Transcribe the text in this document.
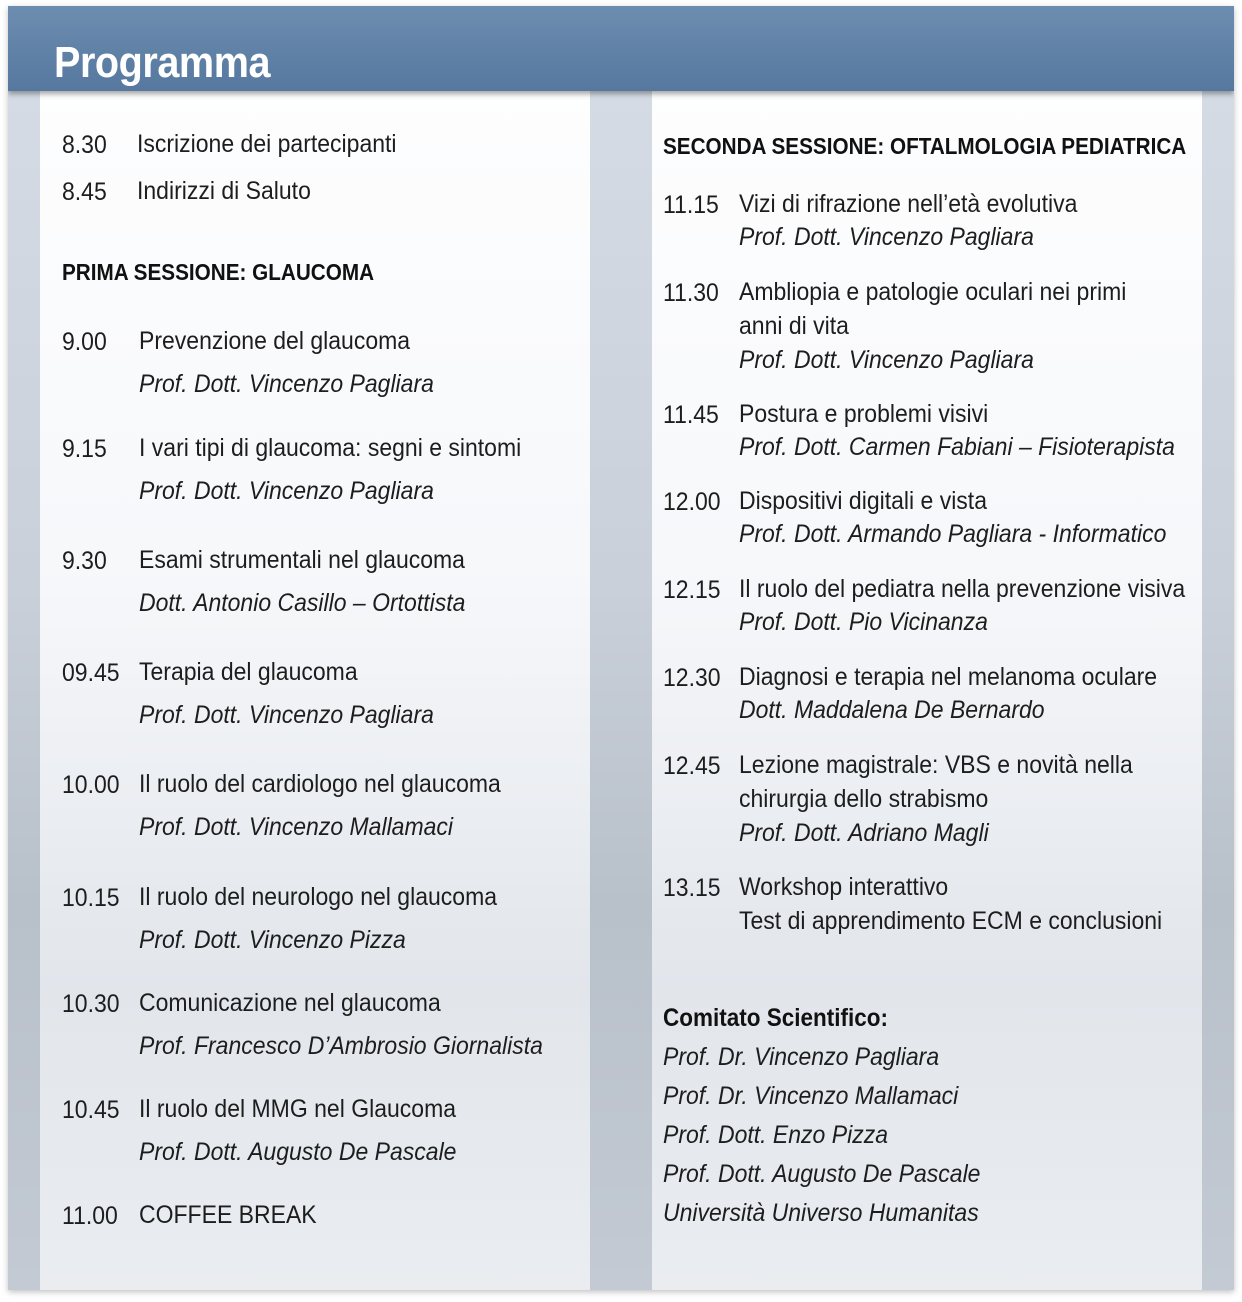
Programma
8.30 Iscrizione dei partecipanti
8.45 Indirizzi di Saluto
PRIMA SESSIONE: GLAUCOMA
9.00 Prevenzione del glaucoma
Prof. Dott. Vincenzo Pagliara
9.15 I vari tipi di glaucoma: segni e sintomi
Prof. Dott. Vincenzo Pagliara
9.30 Esami strumentali nel glaucoma
Dott. Antonio Casillo – Ortottista
09.45 Terapia del glaucoma
Prof. Dott. Vincenzo Pagliara
10.00 Il ruolo del cardiologo nel glaucoma
Prof. Dott. Vincenzo Mallamaci
10.15 Il ruolo del neurologo nel glaucoma
Prof. Dott. Vincenzo Pizza
10.30 Comunicazione nel glaucoma
Prof. Francesco D’Ambrosio Giornalista
10.45 Il ruolo del MMG nel Glaucoma
Prof. Dott. Augusto De Pascale
11.00 COFFEE BREAK
SECONDA SESSIONE: OFTALMOLOGIA PEDIATRICA
11.15 Vizi di rifrazione nell’età evolutiva
Prof. Dott. Vincenzo Pagliara
11.30 Ambliopia e patologie oculari nei primi
anni di vita
Prof. Dott. Vincenzo Pagliara
11.45 Postura e problemi visivi
Prof. Dott. Carmen Fabiani – Fisioterapista
12.00 Dispositivi digitali e vista
Prof. Dott. Armando Pagliara - Informatico
12.15 Il ruolo del pediatra nella prevenzione visiva
Prof. Dott. Pio Vicinanza
12.30 Diagnosi e terapia nel melanoma oculare
Dott. Maddalena De Bernardo
12.45 Lezione magistrale: VBS e novità nella
chirurgia dello strabismo
Prof. Dott. Adriano Magli
13.15 Workshop interattivo
Test di apprendimento ECM e conclusioni
Comitato Scientifico:
Prof. Dr. Vincenzo Pagliara
Prof. Dr. Vincenzo Mallamaci
Prof. Dott. Enzo Pizza
Prof. Dott. Augusto De Pascale
Università Universo Humanitas
